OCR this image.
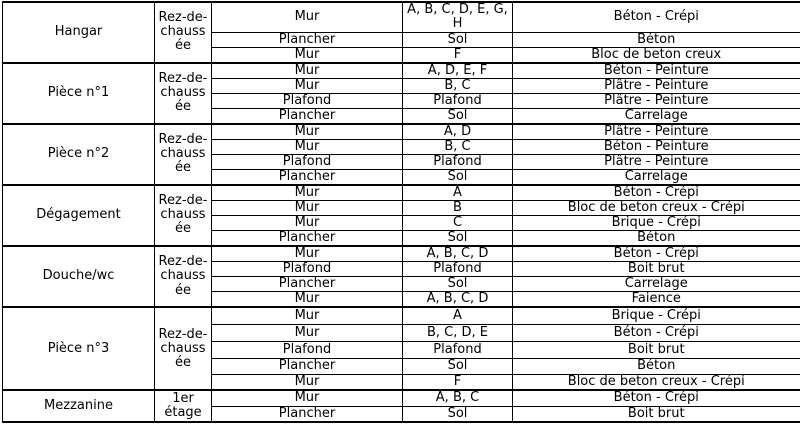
Hangar	Rez-de-chaussée	Mur	A, B, C, D, E, G, H	Béton - Crépi
		Plancher	Sol	Béton
		Mur	F	Bloc de beton creux
Pièce n°1	Rez-de-chaussée	Mur	A, D, E, F	Béton - Peinture
		Mur	B, C	Plâtre - Peinture
		Plafond	Plafond	Plâtre - Peinture
		Plancher	Sol	Carrelage
Pièce n°2	Rez-de-chaussée	Mur	A, D	Plâtre - Peinture
		Mur	B, C	Béton - Peinture
		Plafond	Plafond	Plâtre - Peinture
		Plancher	Sol	Carrelage
Dégagement	Rez-de-chaussée	Mur	A	Béton - Crépi
		Mur	B	Bloc de beton creux - Crépi
		Mur	C	Brique - Crépi
		Plancher	Sol	Béton
Douche/wc	Rez-de-chaussée	Mur	A, B, C, D	Béton - Crépi
		Plafond	Plafond	Boit brut
		Plancher	Sol	Carrelage
		Mur	A, B, C, D	Faience
Pièce n°3	Rez-de-chaussée	Mur	A	Brique - Crépi
		Mur	B, C, D, E	Béton - Crépi
		Plafond	Plafond	Boit brut
		Plancher	Sol	Béton
		Mur	F	Bloc de beton creux - Crépi
Mezzanine	1er étage	Mur	A, B, C	Béton - Crépi
		Plancher	Sol	Boit brut
